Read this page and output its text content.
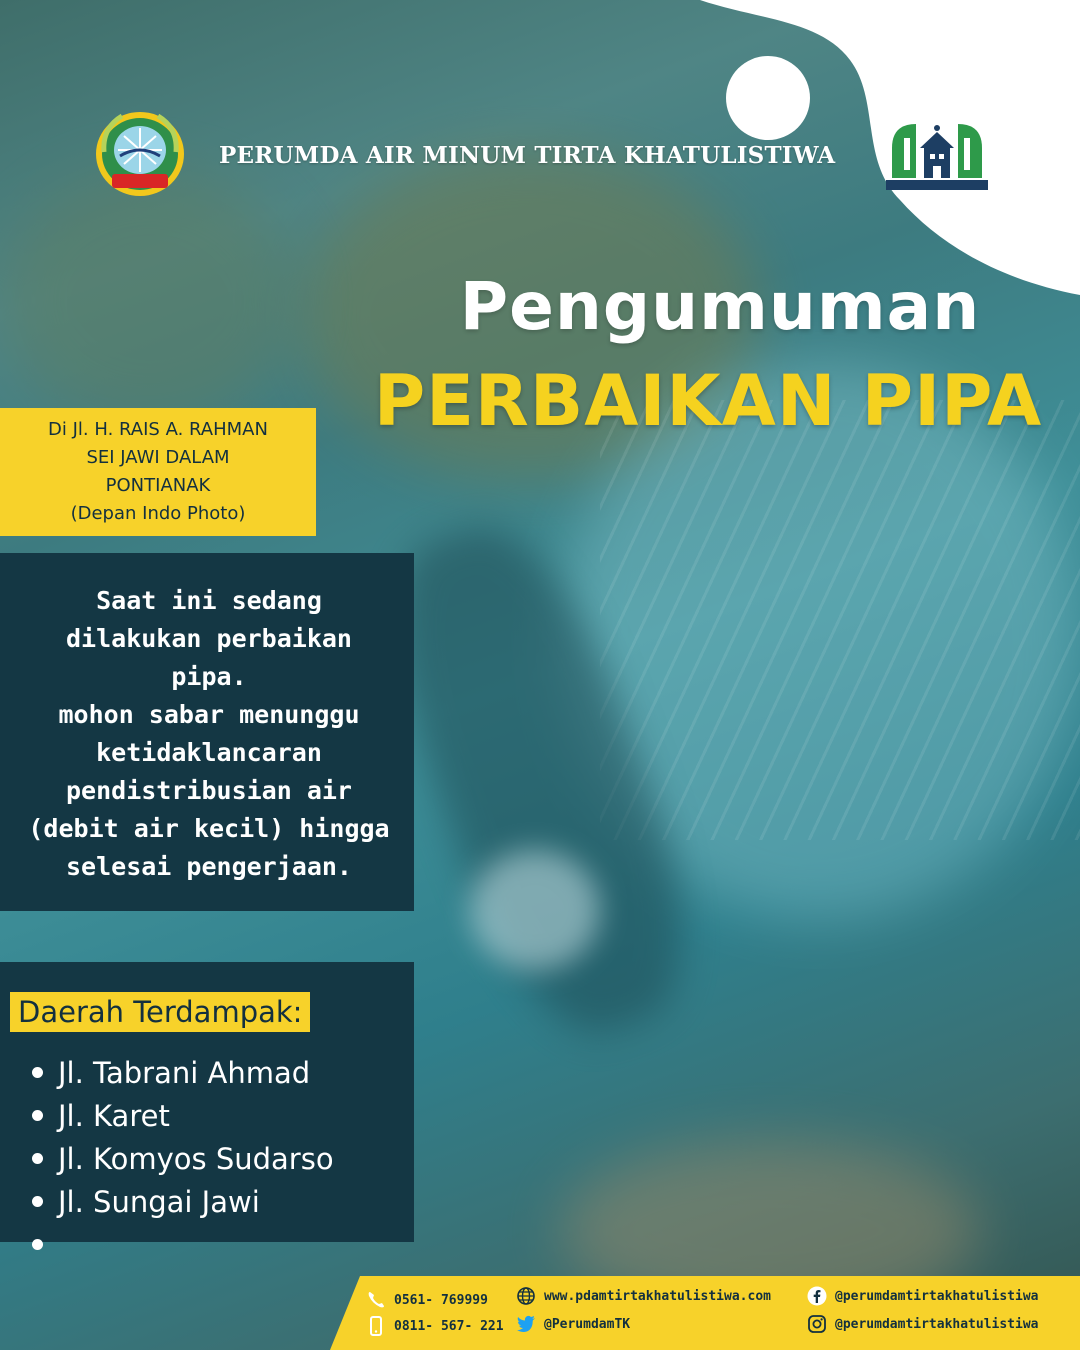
PERUMDA AIR MINUM TIRTA KHATULISTIWA
Pengumuman
PERBAIKAN PIPA
Di Jl. H. RAIS A. RAHMAN
SEI JAWI DALAM
PONTIANAK
(Depan Indo Photo)
Saat ini sedang
dilakukan perbaikan
pipa.
mohon sabar menunggu
ketidaklancaran
pendistribusian air
(debit air kecil) hingga
selesai pengerjaan.
Daerah Terdampak:
Jl. Tabrani Ahmad
Jl. Karet
Jl. Komyos Sudarso
Jl. Sungai Jawi
0561- 769999
0811- 567- 221
www.pdamtirtakhatulistiwa.com
@PerumdamTK
@perumdamtirtakhatulistiwa
@perumdamtirtakhatulistiwa
